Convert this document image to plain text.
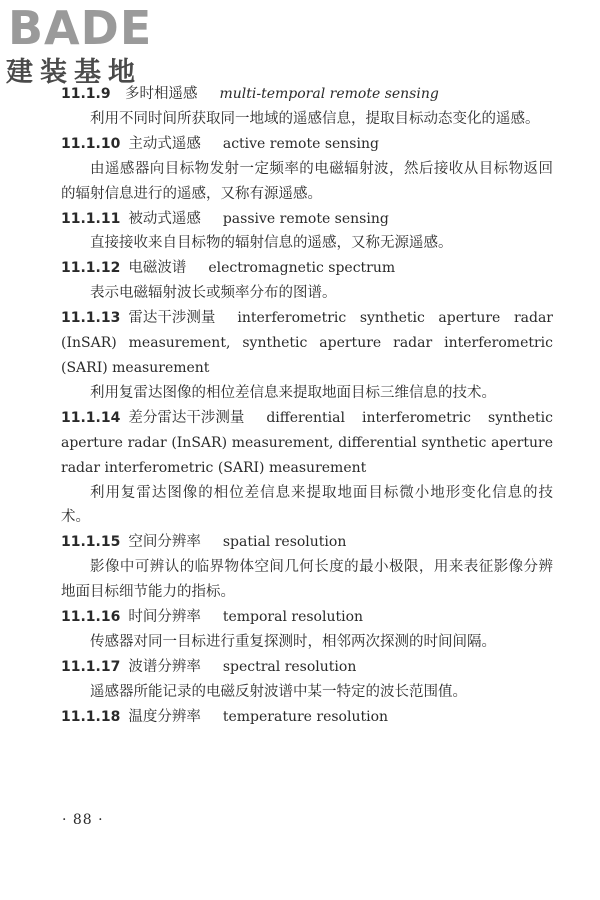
BADE
建装基地
11.1.9 多时相遥感 multi-temporal remote sensing
利用不同时间所获取同一地域的遥感信息，提取目标动态变化的遥感。
11.1.10 主动式遥感 active remote sensing
由遥感器向目标物发射一定频率的电磁辐射波，然后接收从目标物返回的辐射信息进行的遥感，又称有源遥感。
11.1.11 被动式遥感 passive remote sensing
直接接收来自目标物的辐射信息的遥感，又称无源遥感。
11.1.12 电磁波谱 electromagnetic spectrum
表示电磁辐射波长或频率分布的图谱。
11.1.13 雷达干涉测量 interferometric synthetic aperture radar (InSAR) measurement, synthetic aperture radar interferometric (SARI) measurement
利用复雷达图像的相位差信息来提取地面目标三维信息的技术。
11.1.14 差分雷达干涉测量 differential interferometric synthetic aperture radar (InSAR) measurement, differential synthetic aperture radar interferometric (SARI) measurement
利用复雷达图像的相位差信息来提取地面目标微小地形变化信息的技术。
11.1.15 空间分辨率 spatial resolution
影像中可辨认的临界物体空间几何长度的最小极限，用来表征影像分辨地面目标细节能力的指标。
11.1.16 时间分辨率 temporal resolution
传感器对同一目标进行重复探测时，相邻两次探测的时间间隔。
11.1.17 波谱分辨率 spectral resolution
遥感器所能记录的电磁反射波谱中某一特定的波长范围值。
11.1.18 温度分辨率 temperature resolution
· 88 ·
